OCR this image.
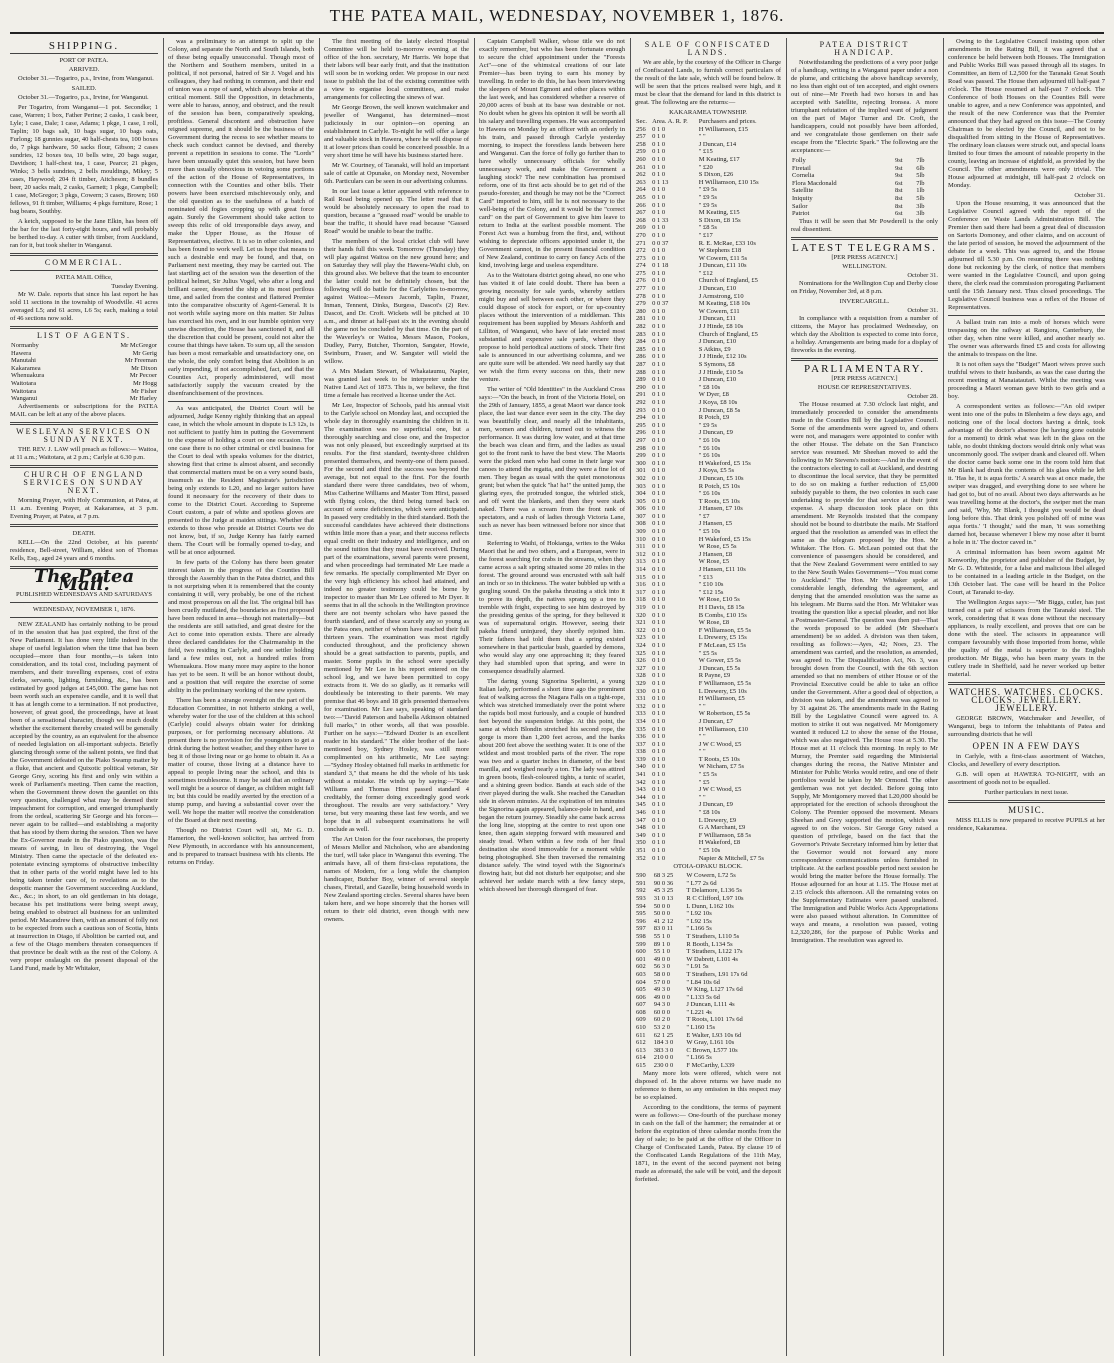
THE PATEA MAIL, WEDNESDAY, NOVEMBER 1, 1876.
SHIPPING.
PORT OF PATEA.
ARRIVED.

October 31.—Togariro, p.s., Irvine, from Wanganui.

SAILED.

October 31.—Togariro, p.s., Irvine, for Wanganui.

Per Togariro, from Wanganui—1 pot. Secondke; 1 case, Warren; 1 box, Father Perine; 2 casks, 1 cask beer, Lyle; 1 case, Dale; 1 case, Adams; 1 pkge, 1 case, 1 roll, Taplin; 10 bags salt, 10 bags sugar, 10 bags oats, Furlong; 18 gunnies sugar, 40 half-chests tea, 100 boxes do, 7 pkgs hardware, 50 sacks flour, Gibson; 2 cases sundries, 12 boxes tea, 10 bells wire, 20 bags sugar, Davidson; 1 half-chest tea, 1 case, Pearce; 21 pkges, Winks; 3 bells sundries, 2 bells mouldings, Mikey; 5 cases, Haywood; 204 ft timber, Aitcheson; 8 bundles beer, 20 sacks malt, 2 casks, Garnett; 1 pkge, Campbell; 1 case, McGregor; 3 pkgs, Cowern; 3 cases, Brown; 160 fellows, 91 ft timber, Williams; 4 pkgs furniture, Rose; 1 bag beans, Southby.

A ketch, supposed to be the Jane Elkin, has been off the bar for the last forty-eight hours, and will probably be berthed to-day. A cutter with timber, from Auckland, ran for it, but took shelter in Wanganui.

COMMERCIAL.
PATEA MAIL Office,
Tuesday Evening.

Mr W. Dale. reports that since his last report he has sold 11 sections in the township of Woodville. 41 acres averaged L5; and 61 acres, L6 5s; each, making a total of 46 sections now sold.

LIST OF AGENTS.
Normanby	Mr McGregor
Hawera	Mr Gerig
Manutahi	Mr Freeman
Kakaramea	Mr Dixon
Whenuakura	Mr Pecoer
Waitotara	Mr Hogg
Waitotara	Mr Fisher
Wanganui	Mr Harley

Advertisements or subscriptions for the PATEA MAIL can be left at any of the above places.

WESLEYAN SERVICES ON SUNDAY NEXT.

THE REV. J. LAW will preach as follows:— Waitoa, at 11 a.m.; Waitotara, at 2 p.m.; Carlyle at 6.30 p.m.

CHURCH OF ENGLAND SERVICES ON SUNDAY NEXT.

Morning Prayer, with Holy Communion, at Patea, at 11 a.m. Evening Prayer, at Kakaramea, at 3 p.m. Evening Prayer, at Patea, at 7 p.m.

DEATH.

KELL—On the 22nd October, at his parents' residence, Bell-street, William, eldest son of Thomas Kells, Esq., aged 24 years and 6 months.

The Patea Mail.
PUBLISHED WEDNESDAYS AND SATURDAYS
WEDNESDAY, NOVEMBER 1, 1876.

NEW ZEALAND has certainly nothing to be proud of in the session that has just expired, the first of the New Parliament. It has done very little indeed in the shape of useful legislation when the time that has been occupied—more than four months,—is taken into consideration, and its total cost, including payment of members, and their travelling expenses, cost of extra clerks, servants, lighting, furnishing, &c., has been estimated by good judges at £45,000. The game has not been worth such an expensive candle, and it is well that it has at length come to a termination. If not productive, however, of great good, the proceedings, have at least been of a sensational character, though we much doubt whether the excitement thereby created will be generally accepted by the country, as an equivalent for the absence of needed legislation on all-important subjects. Briefly glancing through some of the salient points, we find that the Government defeated on the Piako Swamp matter by a fluke, that ancient and Quixotic political veteran, Sir George Grey, scoring his first and only win within a week of Parliament's meeting. Then came the reaction, when the Government threw down the gauntlet on this very question, challenged what may be deemed their impeachment for corruption, and emerged triumphantly from the ordeal, scattering Sir George and his forces—never again to be rallied—and establishing a majority that has stood by them during the session. Then we have the Ex-Governor made in the Piako question, was the means of saving, in lieu of destroying, the Vogel Ministry. Then came the spectacle of the defeated ex-potentate evincing symptoms of obstructive imbecility that in other parts of the world might have led to his being taken tender care of, to revelations as to the despotic manner the Government succeeding Auckland, &c., &c.; in short, to an old gentleman in his dotage, because his pet institutions were being swept away, being enabled to obstruct all business for an unlimited period. Mr Macandrew then, with an amount of folly not to be expected from such a cautious son of Scotia, hints at insurrection in Otago, if Abolition be carried out, and a few of the Otago members threaten consequences if that province be dealt with as the rest of the Colony. A very proper onslaught on the present disposal of the Land Fund, made by Mr Whitaker,

was a preliminary to an attempt to split up the Colony, and separate the North and South Islands, both of these being equally unsuccessful. Though most of the Northern and Southern members, united in a political, if not personal, hatred of Sir J. Vogel and his colleagues, they had nothing in common, and their end of union was a rope of sand, which always broke at the critical moment. Still the Opposition, in detachments, were able to harass, annoy, and obstruct, and the result of the session has been, comparatively speaking, profitless. General discontent and obstruction have reigned supreme, and it should be the business of the Government during the recess to see whether means to check such conduct cannot be devised, and thereby prevent a repetition in sessions to come. The "Lords" have been unusually quiet this session, but have been more than usually obnoxious in vetoing some portions of the action of the House of Representatives, in connection with the Counties and other bills. Their powers have been exercised mischievously only, and the old question as to the usefulness of a batch of nominated old fogies cropping up with great force again. Surely the Government should take action to sweep this relic of old irresponsible days away, and make the Upper House, as the House of Representatives, elective. It is so in other colonies, and has been found to work well. Let us hope that means to such a desirable end may be found, and that, on Parliament next meeting, they may be carried out. The last startling act of the session was the desertion of the political helmet, Sir Julius Vogel, who after a long and brilliant career, deserted the ship at its most perilous time, and sailed from the contest and flattered Premier into the comparative obscurity of Agent-General. It is not worth while saying more on this matter. Sir Julius has exercised his own, and in our humble opinion very unwise discretion, the House has sanctioned it, and all the discretion that could be present, could not alter the course that things have taken. To sum up, all the session has been a most remarkable and unsatisfactory one, on the whole, the only comfort being that Abolition is an early impending, if not accomplished, fact, and that the Counties Act, properly administered, will most satisfactorily supply the vacuum created by the disenfranchisement of the provinces.

As was anticipated, the District Court will be adjourned, Judge Kenny rightly thinking that an appeal case, in which the whole amount in dispute is L3 12s, is not sufficient to justify him in putting the Government to the expense of holding a court on one occasion. The one case there is no other criminal or civil business for the Court to deal with speaks volumes for the district, showing first that crime is almost absent, and secondly that commercial matters must be on a very sound basis, inasmuch as the Resident Magistrate's jurisdiction being only extends to L20, and no larger suitors have found it necessary for the recovery of their dues to come to the District Court. According to Supreme Court custom, a pair of white and spotless gloves are presented to the Judge at maiden sittings. Whether that extends to those who preside at District Courts we do not know, but, if so, Judge Kenny has fairly earned them. The Court will be formally opened to-day, and will be at once adjourned.

In few parts of the Colony has there been greater interest taken in the progress of the Counties Bill through the Assembly than in the Patea district, and this is not surprising when it is remembered that the county containing it will, very probably, be one of the richest and most prosperous on all the list. The original bill has been cruelly mutilated, the boundaries as first proposed have been reduced in area—though not materially—but the residents are still satisfied, and great desire for the Act to come into operation exists. There are already three declared candidates for the Chairmanship in the field, two residing in Carlyle, and one settler holding land a few miles out, not a hundred miles from Whenuakura. How many more may aspire to the honor has yet to be seen. It will be an honor without doubt, and a position that will require the exercise of some ability in the preliminary working of the new system.

There has been a strange oversight on the part of the Education Committee, in not hitherto sinking a well, whereby water for the use of the children at this school (Carlyle) could always obtain water for drinking purposes, or for performing necessary ablutions. At present there is no provision for the youngsters to get a drink during the hottest weather, and they either have to beg it of those living near or go home to obtain it. As a matter of course, those living at a distance have to appeal to people living near the school, and this is sometimes troublesome. It may be said that an ordinary well might be a source of danger, as children might fall in; but this could be readily averted by the erection of a stump pump, and having a substantial cover over the well. We hope the matter will receive the consideration of the Board at their next meeting.

Though no District Court will sit, Mr G. D. Hamerton, the well-known solicitor, has arrived from New Plymouth, in accordance with his announcement, and is prepared to transact business with his clients. He returns on Friday.

The first meeting of the lately elected Hospital Committee will be held to-morrow evening at the office of the hon. secretary, Mr Harris. We hope that their labors will bear early fruit, and that the institution will soon be in working order. We propose in our next issue to publish the list of the existing committee with a view to organise local committees, and make arrangements for collecting the sinews of war.

Mr George Brown, the well known watchmaker and jeweller of Wanganui, has determined—most judiciously in our opinion—on opening an establishment in Carlyle. To-night he will offer a large and valuable stock in Hawera, where he will dispose of it at lower prices than could be conceived possible. In a very short time he will have his business started here.

Mr W. Courtney, of Taranaki, will hold an important sale of cattle at Opunake, on Monday next, November 6th. Particulars can be seen in our advertising columns.

In our last issue a letter appeared with reference to Rail Road being opened up. The letter read that it would be absolutely necessary to open the road to question, because a "grassed road" would be unable to bear the traffic, it should have read because "Gassed Road" would be unable to bear the traffic.

The members of the local cricket club will have their hands full this week. Tomorrow (Thursday) they will play against Waitoa on the new ground here; and on Saturday they will play the Hawera-Waihi club, on this ground also. We believe that the team to encounter the latter could not be definitely chosen, but the following will do battle for the Carlyleites to-morrow, against Waitoa:—Messrs Jacomb, Taplin, Frazer, Inman, Tennent, Dinks, Burgess, Dascot's (2) Rev. Dascot, and Dr. Croft. Wickets will be pitched at 10 a.m., and dinner at half-past six in the evening should the game not be concluded by that time. On the part of the Waverley's or Waitoa, Messrs Mason, Fookes, Dudley, Parry, Butcher, Thornton, Sangster, Howie, Swinburn, Fraser, and W. Sangster will wield the willow.

A Mrs Madam Stewart, of Whakataumu, Napier, was granted last week to be interpreter under the Native Land Act of 1873. This is, we believe, the first time a female has received a license under the Act.

Mr Lee, Inspector of Schools, paid his annual visit to the Carlyle school on Monday last, and occupied the whole day in thoroughly examining the children in it. The examination was no superficial one, but a thoroughly searching and close one, and the Inspector was not only pleased, but exceedingly surprised at its results. For the first standard, twenty-three children presented themselves, and twenty-one of them passed. For the second and third the success was beyond the average, but not equal to the first. For the fourth standard there were three candidates, two of whom, Miss Catherine Williams and Master Tom Hirst, passed with flying colors, the third being turned back on account of some deficiencies, which were anticipated. In passed very creditably in the third standard. Both the successful candidates have achieved their distinctions within little more than a year, and their success reflects equal credit on their industry and intelligence, and on the sound tuition that they must have received. During part of the examinations, several parents were present, and when proceedings had terminated Mr Lee made a few remarks. He specially complimented Mr Dyer on the very high efficiency his school had attained, and indeed no greater testimony could be borne by inspector to master than Mr Lee offered to Mr Dyer. It seems that in all the schools in the Wellington province there are not twenty scholars who have passed the fourth standard, and of these scarcely any so young as the Patea ones, neither of whom have reached their full thirteen years. The examination was most rigidly conducted throughout, and the proficiency shown should be a great satisfaction to parents, pupils, and master. Some pupils in the school were specially mentioned by Mr Lee in his report entered on the school log, and we have been permitted to copy extracts from it. We do so gladly, as it remarks will doubtlessly be interesting to their parents. We may premise that 46 boys and 18 girls presented themselves for examination. Mr Lee says, speaking of standard two:—"David Paterson and Isabella Atkinson obtained full marks," in other words, all that was possible. Further on he says:—"Edward Dozier is an excellent reader in his standard." The elder brother of the last-mentioned boy, Sydney Hosley, was still more complimented on his arithmetic, Mr Lee saying:—"Sydney Hosley obtained full marks in arithmetic for standard 3," that means he did the whole of his task without a mistake. He winds up by saying:—"Kate Williams and Thomas Hirst passed standard 4 creditably, the former doing exceedingly good work throughout. The results are very satisfactory." Very terse, but very meaning these last few words, and we hope that in all subsequent examinations he will conclude as well.

The Art Union for the four racehorses, the property of Messrs Mellor and Nicholson, who are abandoning the turf, will take place in Wanganui this evening. The animals have, all of them first-class reputations, the names of Modern, for a long while the champion handicaper, Butcher Boy, winner of several steeple chases, Firetail, and Gazelle, being household words in New Zealand sporting circles. Several shares have been taken here, and we hope sincerely that the horses will return to their old district, even though with new owners.

Captain Campbell Walker, whose title we do not exactly remember, but who has been fortunate enough to secure the chief appointment under the "Forests Act"—one of the whimsical creations of our late Premier—has been trying to earn his money by travelling. In order to do this, he has been interviewing the sleepers of Mount Egmont and other places within the last week, and has considered whether a reserve of 20,000 acres of bush at its base was desirable or not. No doubt when he gives his opinion it will be worth all his salary and travelling expenses. He was accompanied to Hawera on Monday by an officer with an orderly in his train, and passed through Carlyle yesterday morning, to inspect the forestless lands between here and Wanganui. Can the force of folly go further than to have wholly unnecessary officials for wholly unnecessary work, and make the Government a laughing stock? The new combination has promised reform, one of its first acts should be to get rid of the pseudo-forester, and though he may not be the "Correct Card" imported to him, still he is not necessary to the well-being of the Colony, and it would be the "correct card" on the part of Government to give him leave to return to India at the earliest possible moment. The Forest Act was a humbug from the first, and, without wishing to depreciate officers appointed under it, the Government cannot, in the present financial condition of New Zealand, continue to carry on fancy Acts of the kind, involving large and useless expenditure.

As to the Waitotara district going ahead, no one who has visited it of late could doubt. There has been a growing necessity for sale yards, whereby settlers might buy and sell between each other, or where they could dispose of stock for export, or for up-country places without the intervention of a middleman. This requirement has been supplied by Messrs Ashforth and Lilliton, of Wanganui, who have of late erected most substantial and expensive sale yards, where they propose to hold periodical auctions of stock. Their first sale is announced in our advertising columns, and we are quite sure will be attended. We need hardly say that we wish the firm every success on this, their new venture.

The writer of "Old Identities" in the Auckland Cross says:—"On the beach, in front of the Victoria Hotel, on the 29th of January, 1855, a great Maori war dance took place, the last war dance ever seen in the city. The day was beautifully clear, and nearly all the inhabitants, men, women and children, turned out to witness the performance. It was during low water, and at that time the beach was clean and firm, and the ladies as usual got to the front rank to have the best view. The Maoris were the picked men who had come in their large war canoes to attend the regatta, and they were a fine lot of men. They began as usual with the quiet monotonous grunt; but when the quick "ha! ha!" the united jump, the glaring eyes, the protruded tongue, the whirled stick, and off went the blankets, and then they were stark naked. There was a scream from the front rank of spectators, and a rush of ladies through Victoria Lane, such as never has been witnessed before nor since that time.

Referring to Waihi, of Hokianga, writes to the Waka Maori that he and two others, and a European, were in the forest searching for crabs in the streams, when they came across a salt spring situated some 20 miles in the forest. The ground around was encrusted with salt half an inch or so in thickness. The water bubbled up with a gurgling sound. On the pakeha thrusting a stick into it to prove its depth, the natives sprang up a tree to tremble with fright, expecting to see him destroyed by the presiding genius of the spring, for they believed it was of supernatural origin. However, seeing their pakeha friend uninjured, they shortly rejoined him. Their fathers had told them that a spring existed somewhere in that particular bush, guarded by demons, who would slay any one approaching it; they feared they had stumbled upon that spring, and were in consequence dreadfully alarmed.

The daring young Signorina Spelterini, a young Italian lady, performed a short time ago the prominent feat of walking across the Niagara Falls on a tight-rope, which was stretched immediately over the point where the rapids boil most furiously, and a couple of hundred feet beyond the suspension bridge. At this point, the same at which Blondin stretched his second rope, the gorge is more than 1,200 feet across, and the banks about 200 feet above the seething water. It is one of the wildest and most troubled parts of the river. The rope was two and a quarter inches in diameter, of the best manilla, and weighed nearly a ton. The lady was attired in green boots, flesh-coloured tights, a tunic of scarlet, and a shining green bodice. Bands at each side of the river played during the walk. She reached the Canadian side in eleven minutes. At the expiration of ten minutes the Signorina again appeared, balance-pole in hand, and began the return journey. Steadily she came back across the long line, stopping at the centre to rest upon one knee, then again stepping forward with measured and steady tread. When within a few rods of her final destination she stood immovable for a moment while being photographed. She then traversed the remaining distance safely. The wind toyed with the Signorina's flowing hair, but did not disturb her equipoise; and she achieved her sedate march with a few fancy steps, which showed her thorough disregard of fear.

SALE OF CONFISCATED LANDS.

We are able, by the courtesy of the Officer in Charge of Confiscated Lands, to furnish correct particulars of the result of the late sale, which will be found below. It will be seen that the prices realised were high, and it must be clear that the demand for land in this district is great. The following are the returns:—

KAKARAMEA TOWNSHIP.
Sec.	Area. A. R. P.	Purchasers and prices.
256	0 1 0	H Williamson, £15
257	0 1 0	" "
258	0 1 0	J Duncan, £14
259	0 1 0	" £15
260	0 1 0	M Keating, £17
261	0 1 0	" £20
262	0 1 0	S Dixon, £26
263	0 1 13	H Williamson, £10 15s
264	0 1 0	" £9 5s
265	0 1 0	" £9 5s
266	0 1 0	" £9 5s
267	0 1 0	M Keating, £15
268	0 1 33	S Dixon, £8 15s
269	0 1 0	" £8 5s
270	0 1 0	" £17
271	0 0 37	R. E. McRae, £33 10s
272	0 1 0	W Stephens £18
273	0 1 0	W Cowern, £11 5s
274	0 1 18	J Duncan, £11 10s
275	0 1 0	" £12
276	0 1 0	Church of England, £5
277	0 1 0	J Duncan, £10
278	0 1 0	J Armstrong, £10
279	0 0 37	M Keating, £18 10s
280	0 1 0	W Cowern, £11
281	0 1 0	J Duncan, £11
282	0 1 0	J J Hinde, £8 10s
283	0 1 0	Church of England, £5
284	0 1 0	J Duncan, £10
285	0 1 0	S Atkins, £9
286	0 1 0	J J Hinde, £12 10s
287	0 1 0	S Symons, £8
288	0 1 0	J J Hinde, £10 5s
289	0 1 0	J Duncan, £10
290	0 1 0	" £8 10s
291	0 1 0	W Dyer, £8
292	0 1 0	J Koya, £8 10s
293	0 1 0	J Duncan, £8 5s
294	0 1 0	R Potch, £9
295	0 1 0	" £9 5s
296	0 1 0	J Duncan, £9
297	0 1 0	" £6 10s
298	0 1 0	" £6 10s
299	0 1 0	" £6 10s
300	0 1 0	H Wakeford, £5 15s
301	0 1 0	J Koya, £5 5s
302	0 1 0	J Duncan, £5 10s
303	0 1 0	R Potch, £5 10s
304	0 1 0	" £6 10s
305	0 1 0	T Roots, £5 10s
306	0 1 0	J Hansen, £7 10s
307	0 1 0	" £7
308	0 1 0	J Hansen, £5
309	0 1 0	" £5 10s
310	0 1 0	H Wakeford, £5 15s
311	0 1 0	W Rose, £5 5s
312	0 1 0	J Hansen, £8
313	0 1 0	W Rose, £5
314	0 1 0	J Hansen, £11 10s
315	0 1 0	" £13
316	0 1 0	" £10 10s
317	0 1 0	" £12 15s
318	0 1 0	W Rose, £10 5s
319	0 1 0	H I Davis, £8 15s
320	0 1 0	B Combs, £10 15s
321	0 1 0	W Rose, £8
322	0 1 0	F Williamson, £5 5s
323	0 1 0	L Drewery, £5 15s
324	0 1 0	F McLean, £5 15s
325	0 1 0	" £5 5s
326	0 1 0	W Gower, £5 5s
327	0 1 0	J Duncan, £5 5s
328	0 1 0	R Payne, £9
329	0 1 0	F Williamson, £5 5s
330	0 1 0	L Drewery, £5 10s
331	0 1 0	H Williamson, £5
332	0 1 0	" "
333	0 1 0	W Robertson, £5 5s
334	0 1 0	J Duncan, £7
335	0 1 0	H Williamson, £10
336	0 1 0	" "
337	0 1 0	J W C Wood, £5
338	0 1 0	" "
339	0 1 0	T Roots, £5 10s
340	0 1 0	W Nicham, £7 5s
341	0 1 0	" £5 5s
342	0 1 0	" £5
343	0 1 0	J W C Wood, £5
344	0 1 0	" "
345	0 1 0	J Duncan, £9
346	0 1 0	" £8 10s
347	0 1 0	L Drewery, £9
348	0 1 0	G A Marchant, £9
349	0 1 0	F Williamson, £8 5s
350	0 1 0	H Wakeford, £8
351	0 1 0	" £5 10s
352	0 1 0	Napier & Mitchell, £7 5s
OTOIA-OPAKU BLOCK.
590	68 3 25	W Cowern, L72 5s
591	90 0 36	" L77 2s 6d
592	45 3 25	T Delamore, L136 5s
593	31 0 13	R C Clifford, L97 10s
594	50 0 0	L Dunn, L162 10s
595	50 0 0	" L92 10s
596	41 2 12	" L92 15s
597	83 0 11	" L166 5s
598	55 1 0	T Strathers, L110 5s
599	89 1 0	R Booth, L134 5s
600	55 1 0	T Strathers, L122 17s
601	49 0 0	W Dabrett, L101 4s
602	56 3 0	" L91 5s
603	58 0 0	T Strathers, L91 17s 6d
604	57 0 0	" L84 10s 6d
605	49 3 0	W King, L127 17s 6d
606	49 0 0	" L133 5s 6d
607	94 3 0	J Duncan, L111 4s
608	60 0 0	" L221 4s
609	60 2 0	T Roots, L101 17s 6d
610	53 2 0	" L160 15s
611	62 1 25	E Walter, L93 10s 6d
612	184 3 0	W Gray, L161 10s
613	383 3 0	C Brown, L577 10s
614	210 0 0	" L166 5s
615	230 0 0	F McCarthy, L339

Many more lots were offered, which were not disposed of. In the above returns we have made no reference to them, so any omission in this respect may be so explained.

According to the conditions, the terms of payment were as follows:— One-fourth of the purchase money in cash on the fall of the hammer; the remainder at or before the expiration of three calendar months from the day of sale; to be paid at the office of the Officer in Charge of Confiscated Lands, Patea. By clause 19 of the Confiscated Lands Regulations of the 11th May, 1871, in the event of the second payment not being made as aforesaid, the sale will be void, and the deposit forfeited.

PATEA DISTRICT HANDICAP.

Notwithstanding the predictions of a very poor judge of a handicap, writing in a Wanganui paper under a non de plume, and criticising the above handicap severely, no less than eight out of ten accepted, and eight owners out of nine—Mr Freeth had two horses in and has accepted with Satellite, rejecting Ironsea. A more triumphant refutation of the implied want of judgment on the part of Major Turner and Dr. Croft, the handicappers, could not possibly have been afforded, and we congratulate those gentlemen on their safe escape from the "Electric Spark." The following are the acceptances:—

Folly	9st	7lb
Firetail	9st	6lb
Cornelia	9st	5lb
Flora Macdonald	6st	7lb
Satellite	8st	1lb
Iniquity	8st	5lb
Sailor	8st	3lb
Patriot	6st	3lb

Thus it will be seen that Mr Powderell is the only real dissentient.

LATEST TELEGRAMS.
[PER PRESS AGENCY.]
WELLINGTON.
October 31.

Nominations for the Wellington Cup and Derby close on Friday, November 3rd, at 8 p.m.

INVERCARGILL.
October 31.

In compliance with a requisition from a number of citizens, the Mayor has proclaimed Wednesday, on which day the Abolition is expected to come into force, a holiday. Arrangements are being made for a display of fireworks in the evening.

PARLIAMENTARY.
[PER PRESS AGENCY.]
HOUSE OF REPRESENTATIVES.
October 28.

The House resumed at 7.30 o'clock last night, and immediately proceeded to consider the amendments made in the Counties Bill by the Legislative Council. Some of the amendments were agreed to, and others were not, and managers were appointed to confer with the other House. The debate on the San Francisco service was resumed. Mr Sheehan moved to add the following to Mr Stevens's motion:—And in the event of the contractors electing to call at Auckland, and desiring to discontinue the local service, that they be permitted to do so on making a further reduction of £5,000 subsidy payable to them, the two colonies in such case undertaking to provide for that service at their joint expense. A sharp discussion took place on this amendment. Mr Reynolds insisted that the company should not be bound to distribute the mails. Mr Stafford argued that the resolution as amended was in effect the same as the telegram proposed by the Hon. Mr Whitaker. The Hon. G. McLean pointed out that the convenience of passengers should be considered, and that the New Zealand Government were entitled to say to the New South Wales Government—"You must come to Auckland." The Hon. Mr Whitaker spoke at considerable length, defending the agreement, and denying that the amended resolution was the same as his telegram. Mr Burns said the Hon. Mr Whitaker was treating the question like a special pleader, and not like a Postmaster-General. The question was then put—That the words proposed to be added (Mr Sheehan's amendment) be so added. A division was then taken, resulting as follows:—Ayes, 42; Noes, 23. The amendment was carried, and the resolution, as amended, was agreed to. The Disqualification Act, No. 3, was brought down from the Council, with the 6th section amended so that no members of either House or of the Provincial Executive could be able to take an office under the Government. After a good deal of objection, a division was taken, and the amendment was agreed to by 31 against 26. The amendments made in the Rating Bill by the Legislative Council were agreed to. A motion to strike it out was negatived. Mr Montgomery wanted it reduced L2 to show the sense of the House, which was also negatived. The House rose at 5.30. The House met at 11 o'clock this morning. In reply to Mr Murray, the Premier said regarding the Ministerial changes during the recess, the Native Minister and Minister for Public Works would retire, and one of their portfolios would be taken by Mr Ormond. The other gentleman was not yet decided. Before going into Supply, Mr Montgomery moved that L20,000 should be appropriated for the erection of schools throughout the Colony. The Premier opposed the movement. Messrs Sheehan and Grey supported the motion, which was agreed to on the voices. Sir George Grey raised a question of privilege, based on the fact that the Governor's Private Secretary informed him by letter that the Governor would not forward any more correspondence communications unless furnished in triplicate. At the earliest possible period next session he would bring the matter before the House formally. The House adjourned for an hour at 1.15. The House met at 2.15 o'clock this afternoon. All the remaining votes on the Supplementary Estimates were passed unaltered. The Immigration and Public Works Acts Appropriations were also passed without alteration. In Committee of ways and means, a resolution was passed, voting L2,320,286, for the purpose of Public Works and Immigration. The resolution was agreed to.

Owing to the Legislative Council insisting upon other amendments in the Rating Bill, it was agreed that a conference be held between both Houses. The Immigration and Public Works Bill was passed through all its stages. In Committee, an item of L2,500 for the Taranaki Great South Road was passed. The House then adjourned till half-past 7 o'clock. The House resumed at half-past 7 o'clock. The Conference of both Houses on the Counties Bill were unable to agree, and a new Conference was appointed, and the result of the new Conference was that the Premier announced that they had agreed on this issue—The County Chairman to be elected by the Council, and not to be disqualified from sitting in the House of Representatives. The ordinary loan clauses were struck out, and special loans limited to four times the amount of rateable property in the county, leaving an increase of eightfold, as provided by the Council. The other amendments were only trivial. The House adjourned at midnight, till half-past 2 o'clock on Monday.

October 31.

Upon the House resuming, it was announced that the Legislative Council agreed with the report of the Conference on Waste Lands Administration Bill. The Premier then said there had been a great deal of discussion on Sartoris Domoney, and other claims, and on account of the late period of session, he moved the adjournment of the debate for a week. This was agreed to, and the House adjourned till 5.30 p.m. On resuming there was nothing done but reckoning by the clerk, of notice that members were wanted in the Legislative Council, and upon going there, the clerk read the commission prorogating Parliament until the 15th January next. Thus closed proceedings. The Legislative Council business was a reflex of the House of Representatives.

A ballast train ran into a mob of horses which were trespassing on the railway at Rangiora, Canterbury, the other day, when nine were killed, and another nearly so. The owner was afterwards fined £5 and costs for allowing the animals to trespass on the line.

It is not often says the "Budget" Maori wives prove such truthful wives to their husbands, as was the case during the recent meeting at Manaiatautari. Whilst the meeting was proceeding a Maori woman gave birth to two girls and a boy.

A correspondent writes as follows:—"An old swiper went into one of the pubs in Blenheim a few days ago, and noticing one of the local doctors having a drink, took advantage of the doctor's absence (he having gone outside for a moment) to drink what was left in the glass on the table, no doubt thinking doctors would drink only what was uncommonly good. The swiper drank and cleared off. When the doctor came back some one in the room told him that Mr Blank had drunk the contents of his glass while he left it. 'Has he, it is aqua fortis.' A search was at once made, the swiper was dragged, and everything done to see where he had got to, but of no avail. About two days afterwards as he was travelling home at the doctor's, the swiper met the man and said, 'Why, Mr Blank, I thought you would be dead long before this. That drink you polished off of mine was aqua fortis.' 'I thought,' said the man, 'it was something darned hot, because whenever I blew my nose after it burnt a hole in it.' The doctor caved in."

A criminal information has been sworn against Mr Kenworthy, the proprietor and publisher of the Budget, by Mr G. D. Whiteside, for a false and malicious libel alleged to be contained in a leading article in the Budget, on the 13th October last. The case will be heard in the Police Court, at Taranaki to-day.

The Wellington Argus says:—"Mr Biggs, cutler, has just turned out a pair of scissors from the Taranaki steel. The work, considering that it was done without the necessary appliances, is really excellent, and proves that ore can be done with the steel. The scissors in appearance will compare favourably with those imported from home, while the quality of the metal is superior to the English production. Mr Biggs, who has been many years in the cutlery trade in Sheffield, said he never worked up better material.

WATCHES. WATCHES. CLOCKS. CLOCKS. JEWELLERY. JEWELLERY.

GEORGE BROWN, Watchmaker and Jeweller, of Wanganui, begs to inform the inhabitants of Patea and surrounding districts that he will

OPEN IN A FEW DAYS

in Carlyle, with a first-class assortment of Watches, Clocks, and Jewellery of every description.

G.B. will open at HAWERA TO-NIGHT, with an assortment of goods not to be equalled.

Further particulars in next issue.
MUSIC.

MISS ELLIS is now prepared to receive PUPILS at her residence, Kakaramea.
